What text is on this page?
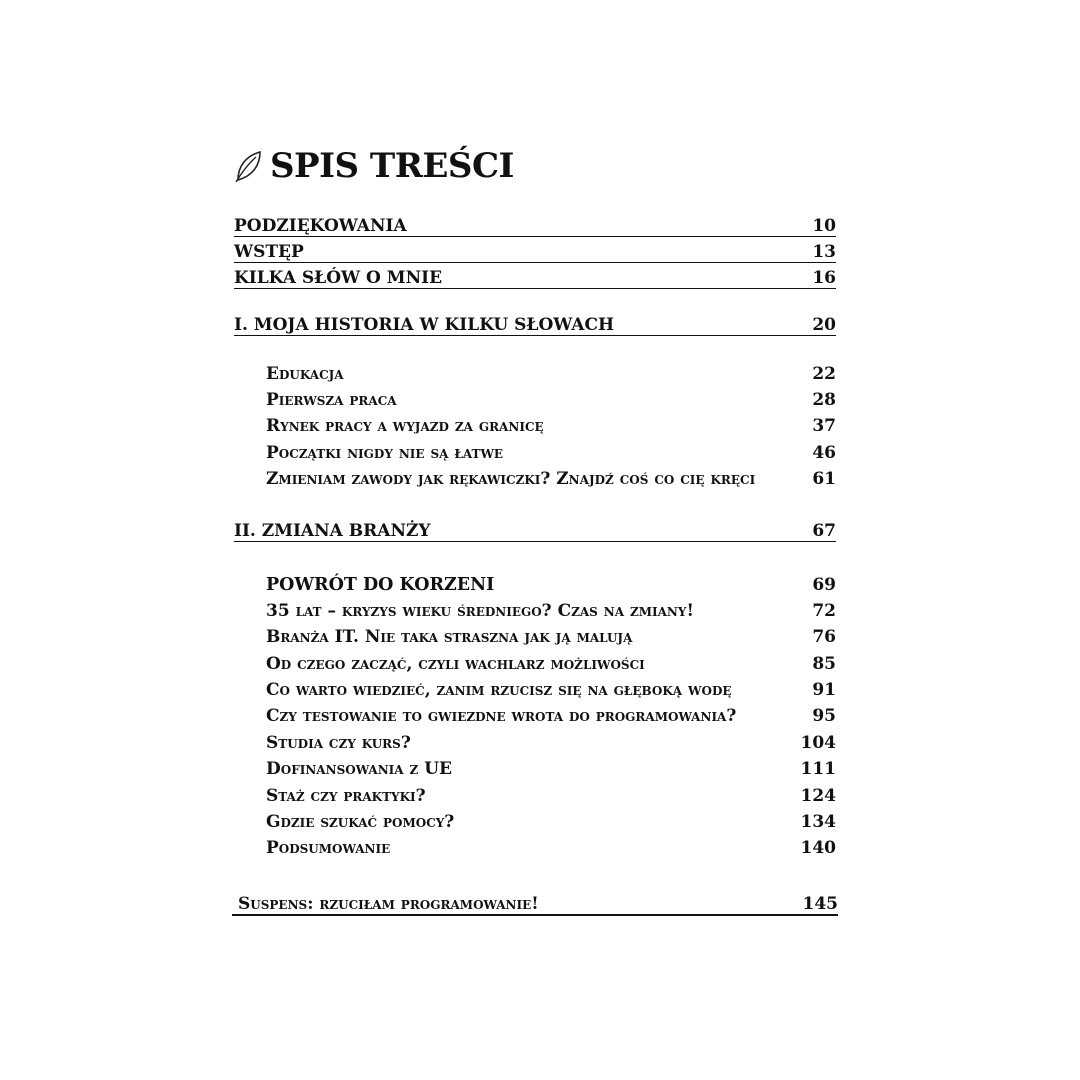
SPIS TREŚCI
PODZIĘKOWANIA	10
WSTĘP	13
KILKA SŁÓW O MNIE	16
I. MOJA HISTORIA W KILKU SŁOWACH	20
Edukacja	22
Pierwsza praca	28
Rynek pracy a wyjazd za granicę	37
Początki nigdy nie są łatwe	46
Zmieniam zawody jak rękawiczki? Znajdź coś co cię kręci	61
II. ZMIANA BRANŻY	67
POWRÓT DO KORZENI	69
35 lat – kryzys wieku średniego? Czas na zmiany!	72
Branża IT. Nie taka straszna jak ją malują	76
Od czego zacząć, czyli wachlarz możliwości	85
Co warto wiedzieć, zanim rzucisz się na głęboką wodę	91
Czy testowanie to gwiezdne wrota do programowania?	95
Studia czy kurs?	104
Dofinansowania z UE	111
Staż czy praktyki?	124
Gdzie szukać pomocy?	134
Podsumowanie	140
Suspens: rzuciłam programowanie!	145
